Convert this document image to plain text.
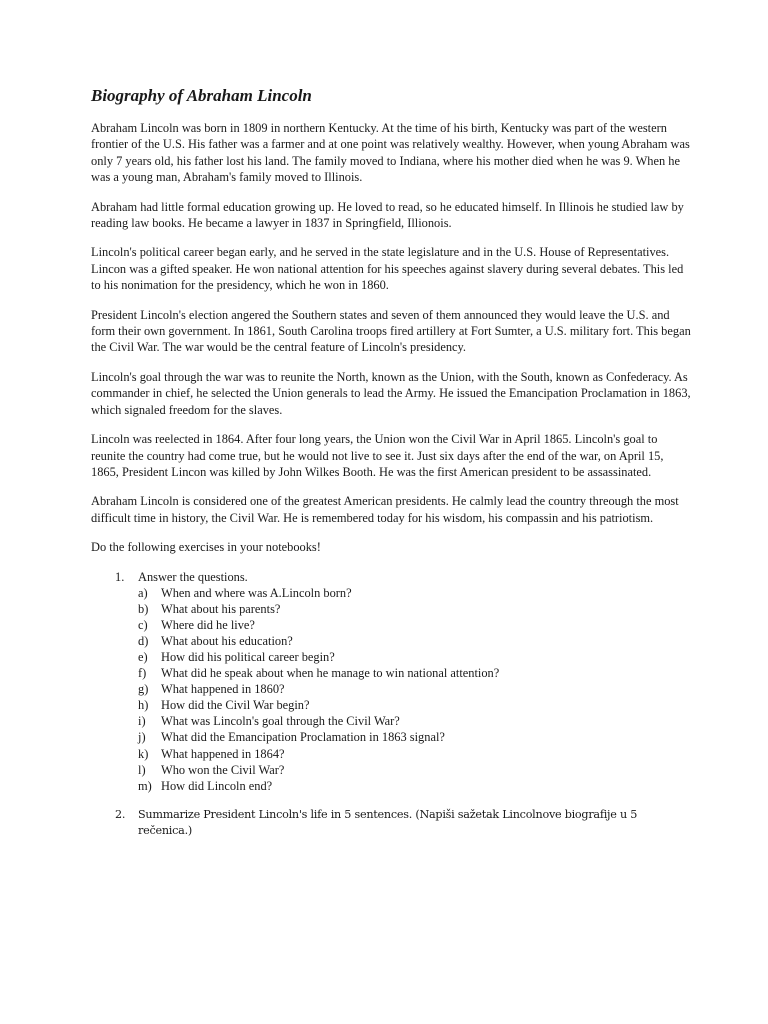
Biography of Abraham Lincoln

Abraham Lincoln was born in 1809 in northern Kentucky. At the time of his birth, Kentucky was part of the western frontier of the U.S. His father was a farmer and at one point was relatively wealthy. However, when young Abraham was only 7 years old, his father lost his land. The family moved to Indiana, where his mother died when he was 9. When he was a young man, Abraham's family moved to Illinois.

Abraham had little formal education growing up. He loved to read, so he educated himself. In Illinois he studied law by reading law books. He became a lawyer in 1837 in Springfield, Illionois.

Lincoln's political career began early, and he served in the state legislature and in the U.S. House of Representatives. Lincon was a gifted speaker. He won national attention for his speeches against slavery during several debates. This led to his nonimation for the presidency, which he won in 1860.

President Lincoln's election angered the Southern states and seven of them announced they would leave the U.S. and form their own government. In 1861, South Carolina troops fired artillery at Fort Sumter, a U.S. military fort. This began the Civil War. The war would be the central feature of Lincoln's presidency.

Lincoln's goal through the war was to reunite the North, known as the Union, with the South, known as Confederacy. As commander in chief, he selected the Union generals to lead the Army. He issued the Emancipation Proclamation in 1863, which signaled freedom for the slaves.

Lincoln was reelected in 1864. After four long years, the Union won the Civil War in April 1865. Lincoln's goal to reunite the country had come true, but he would not live to see it. Just six days after the end of the war, on April 15, 1865, President Lincon was killed by John Wilkes Booth. He was the first American president to be assassinated.

Abraham Lincoln is considered one of the greatest American presidents. He calmly lead the country threough the most difficult time in history, the Civil War. He is remembered today for his wisdom, his compassin and his patriotism.

Do the following exercises in your notebooks!

1. Answer the questions.
a) When and where was A.Lincoln born?
b) What about his parents?
c) Where did he live?
d) What about his education?
e) How did his political career begin?
f) What did he speak about when he manage to win national attention?
g) What happened in 1860?
h) How did the Civil War begin?
i) What was Lincoln's goal through the Civil War?
j) What did the Emancipation Proclamation in 1863 signal?
k) What happened in 1864?
l) Who won the Civil War?
m) How did Lincoln end?
2. Summarize President Lincoln's life in 5 sentences. (Napiši sažetak Lincolnove biografije u 5 rečenica.)
